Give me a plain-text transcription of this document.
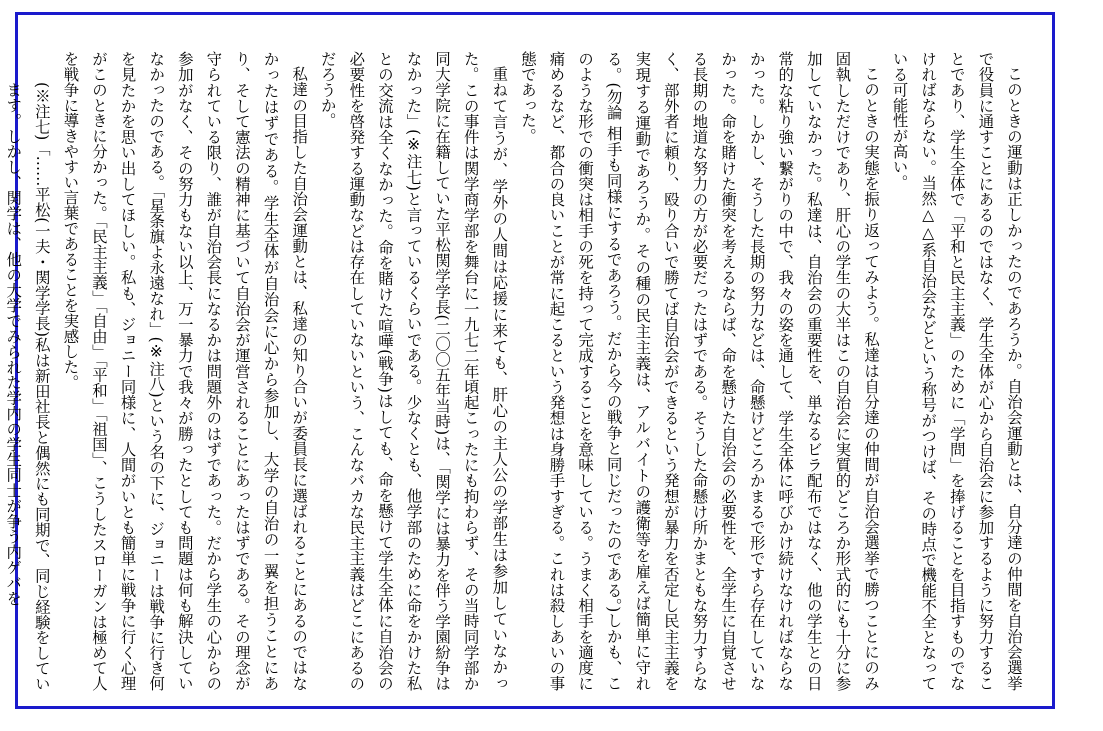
このときの運動は正しかったのであろうか。自治会運動とは、自分達の仲間を自治会選挙で役員に通すことにあるのではなく、学生全体が心から自治会に参加するように努力することであり、学生全体で「平和と民主主義」のために「学問」を捧げることを目指すものでなければならない。当然△△系自治会などという称号がつけば、その時点で機能不全となっている可能性が高い。

このときの実態を振り返ってみよう。私達は自分達の仲間が自治会選挙で勝つことにのみ固執しただけであり、肝心の学生の大半はこの自治会に実質的どころか形式的にも十分に参加していなかった。私達は、自治会の重要性を、単なるビラ配布ではなく、他の学生との日常的な粘り強い繋がりの中で、我々の姿を通して、学生全体に呼びかけ続けなければならなかった。しかし、そうした長期の努力などは、命懸けどころかまるで形ですら存在していなかった。命を賭けた衝突を考えるならば、命を懸けた自治会の必要性を、全学生に自覚させる長期の地道な努力の方が必要だったはずである。そうした命懸け所かまともな努力すらなく、部外者に頼り、殴り合いで勝てば自治会ができるという発想が暴力を否定し民主主義を実現する運動であろうか。その種の民主主義は、アルバイトの護衛等を雇えば簡単に守れる。(勿論 相手も同様にするであろう。だから今の戦争と同じだったのである。)しかも、このような形での衝突は相手の死を持って完成することを意味している。うまく相手を適度に痛めるなど、都合の良いことが常に起こるという発想は身勝手すぎる。これは殺しあいの事態であった。

重ねて言うが、学外の人間は応援に来ても、肝心の主人公の学部生は参加していなかった。この事件は関学商学部を舞台に一九七二年頃起こったにも拘わらず、その当時同学部か同大学院に在籍していた平松関学学長(二〇〇五年当時)は、「関学には暴力を伴う学園紛争はなかった」(※注七)と言っているくらいである。少なくとも、他学部のために命をかけた私との交流は全くなかった。命を賭けた喧嘩(戦争)はしても、命を懸けて学生全体に自治会の必要性を啓発する運動などは存在していないという、こんなバカな民主主義はどこにあるのだろうか。

私達の目指した自治会運動とは、私達の知り合いが委員長に選ばれることにあるのではなかったはずである。学生全体が自治会に心から参加し、大学の自治の一翼を担うことにあり、そして憲法の精神に基づいて自治会が運営されることにあったはずである。その理念が守られている限り、誰が自治会長になるかは問題外のはずであった。だから学生の心からの参加がなく、その努力もない以上、万一暴力で我々が勝ったとしても問題は何も解決していなかったのである。「星条旗よ永遠なれ」(※注八)という名の下に、ジョニーは戦争に行き何を見たかを思い出してほしい。私も、ジョニー同様に、人間がいとも簡単に戦争に行く心理がこのときに分かった。「民主主義」「自由」「平和」「祖国」、こうしたスローガンは極めて人を戦争に導きやすい言葉であることを実感した。

(※注七)「……平松(一夫・関学学長)私は新田社長と偶然にも同期で、同じ経験をしています。しかし、関学は、他の大学でみられた学内の学生同士が争う内ゲバを
